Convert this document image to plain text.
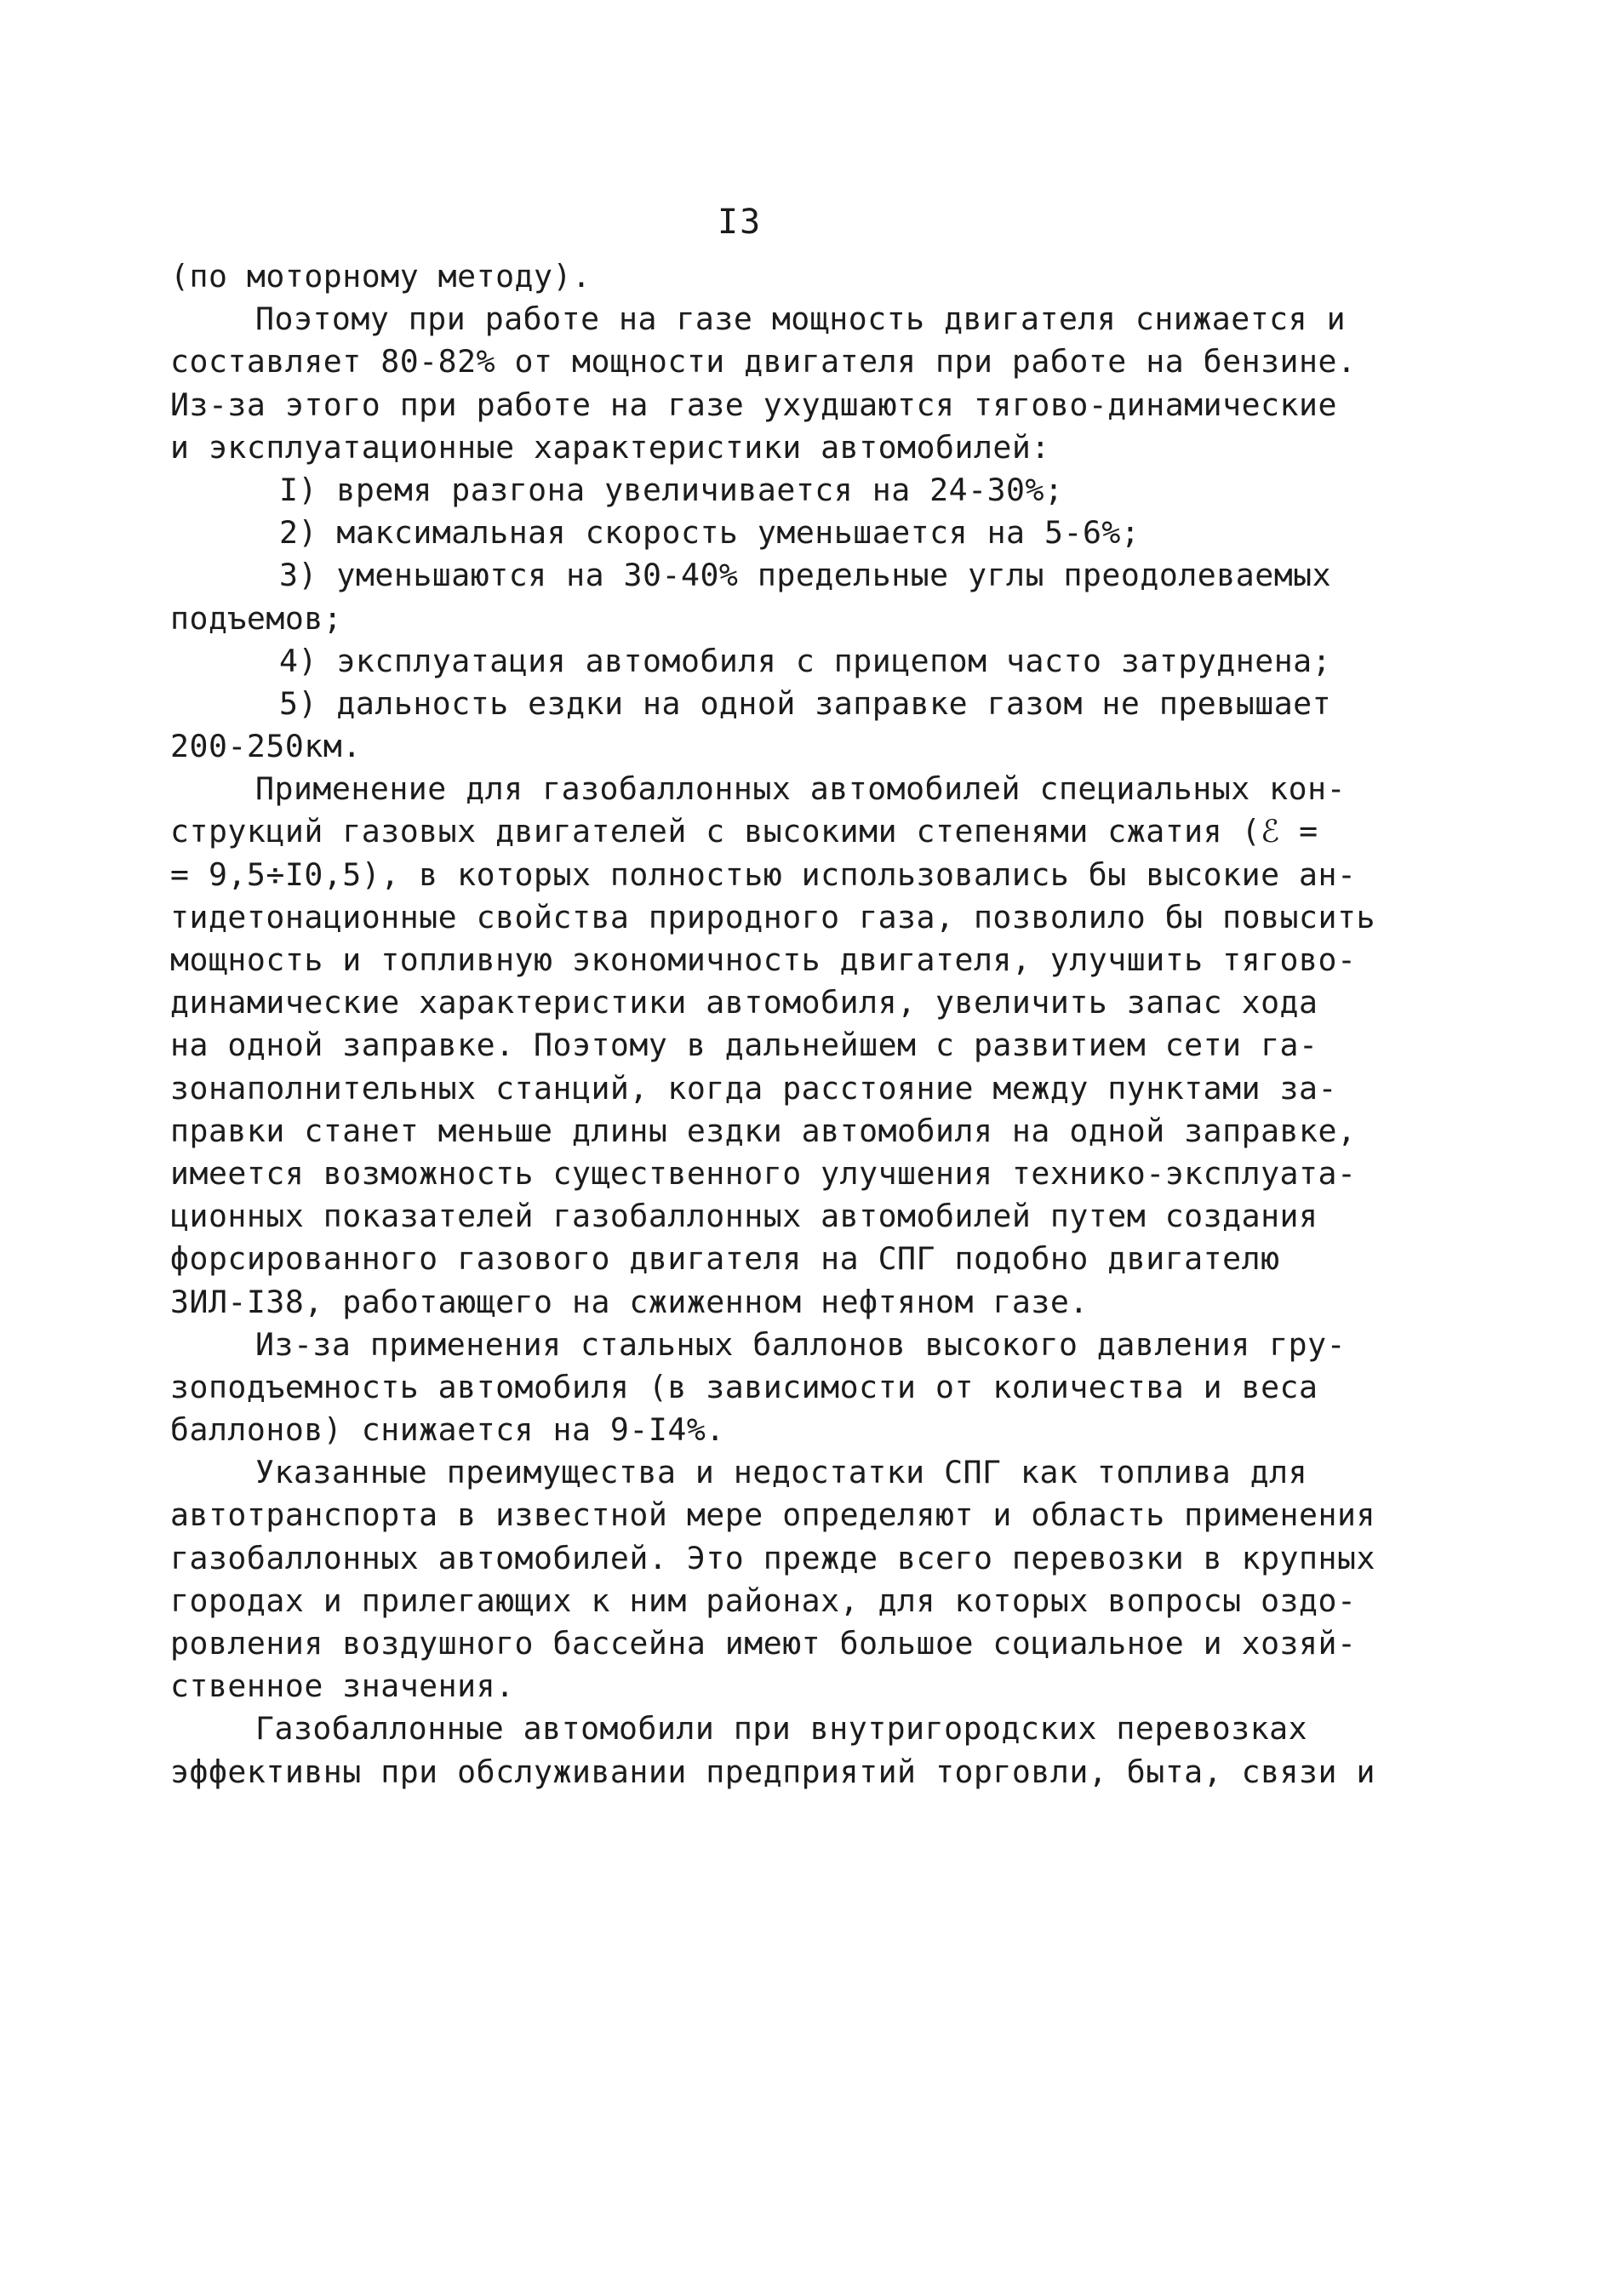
I3
(по моторному методу).
Поэтому при работе на газе мощность двигателя снижается и
составляет 80-82% от мощности двигателя при работе на бензине.
Из-за этого при работе на газе ухудшаются тягово-динамические
и эксплуатационные характеристики автомобилей:
I) время разгона увеличивается на 24-30%;
2) максимальная скорость уменьшается на 5-6%;
3) уменьшаются на 30-40% предельные углы преодолеваемых
подъемов;
4) эксплуатация автомобиля с прицепом часто затруднена;
5) дальность ездки на одной заправке газом не превышает
200-250км.
Применение для газобаллонных автомобилей специальных кон-
струкций газовых двигателей с высокими степенями сжатия (ℰ =
= 9,5÷I0,5), в которых полностью использовались бы высокие ан-
тидетонационные свойства природного газа, позволило бы повысить
мощность и топливную экономичность двигателя, улучшить тягово-
динамические характеристики автомобиля, увеличить запас хода
на одной заправке. Поэтому в дальнейшем с развитием сети га-
зонаполнительных станций, когда расстояние между пунктами за-
правки станет меньше длины ездки автомобиля на одной заправке,
имеется возможность существенного улучшения технико-эксплуата-
ционных показателей газобаллонных автомобилей путем создания
форсированного газового двигателя на СПГ подобно двигателю
ЗИЛ-I38, работающего на сжиженном нефтяном газе.
Из-за применения стальных баллонов высокого давления гру-
зоподъемность автомобиля (в зависимости от количества и веса
баллонов) снижается на 9-I4%.
Указанные преимущества и недостатки СПГ как топлива для
автотранспорта в известной мере определяют и область применения
газобаллонных автомобилей. Это прежде всего перевозки в крупных
городах и прилегающих к ним районах, для которых вопросы оздо-
ровления воздушного бассейна имеют большое социальное и хозяй-
ственное значения.
Газобаллонные автомобили при внутригородских перевозках
эффективны при обслуживании предприятий торговли, быта, связи и
